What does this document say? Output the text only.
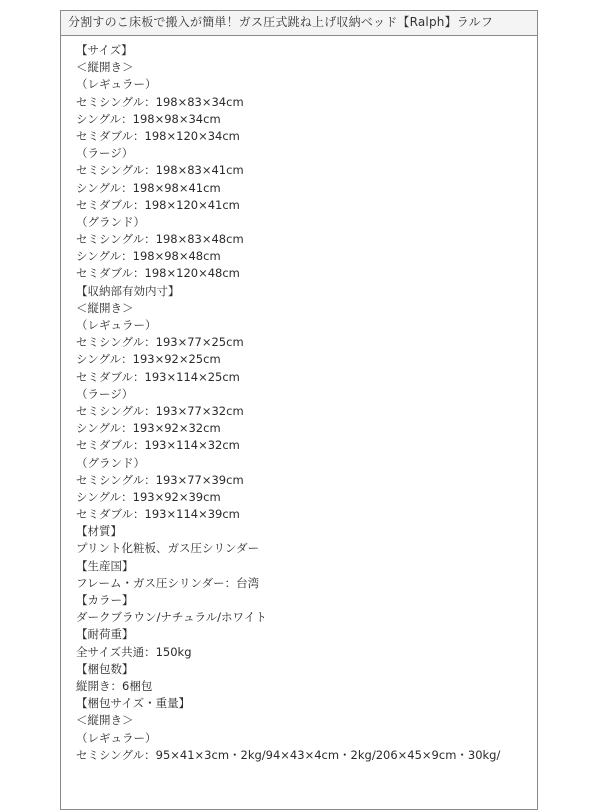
分割すのこ床板で搬入が簡単！ガス圧式跳ね上げ収納ベッド【Ralph】ラルフ
【サイズ】
＜縦開き＞
（レギュラー）
セミシングル：198×83×34cm
シングル：198×98×34cm
セミダブル：198×120×34cm
（ラージ）
セミシングル：198×83×41cm
シングル：198×98×41cm
セミダブル：198×120×41cm
（グランド）
セミシングル：198×83×48cm
シングル：198×98×48cm
セミダブル：198×120×48cm
【収納部有効内寸】
＜縦開き＞
（レギュラー）
セミシングル：193×77×25cm
シングル：193×92×25cm
セミダブル：193×114×25cm
（ラージ）
セミシングル：193×77×32cm
シングル：193×92×32cm
セミダブル：193×114×32cm
（グランド）
セミシングル：193×77×39cm
シングル：193×92×39cm
セミダブル：193×114×39cm
【材質】
プリント化粧板、ガス圧シリンダー
【生産国】
フレーム・ガス圧シリンダー：台湾
【カラー】
ダークブラウン/ナチュラル/ホワイト
【耐荷重】
全サイズ共通：150kg
【梱包数】
縦開き：6梱包
【梱包サイズ・重量】
＜縦開き＞
（レギュラー）
セミシングル：95×41×3cm・2kg/94×43×4cm・2kg/206×45×9cm・30kg/
